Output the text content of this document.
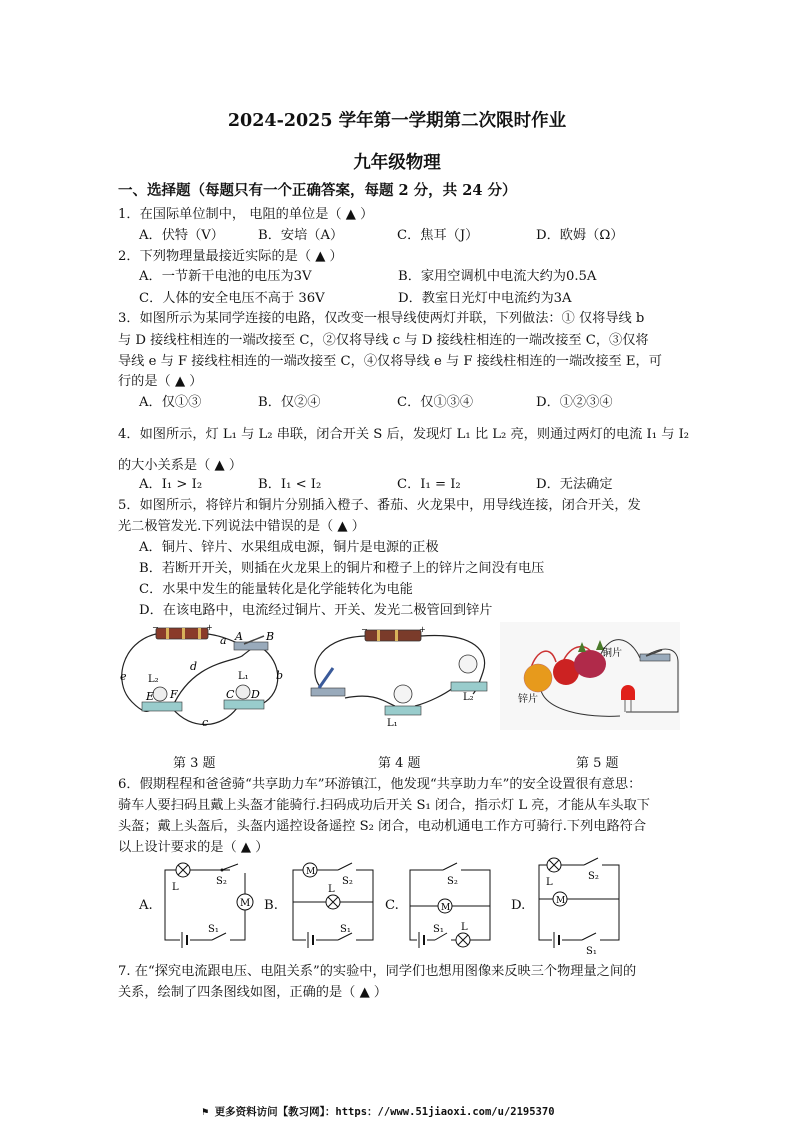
2024-2025 学年第一学期第二次限时作业
九年级物理
一、选择题（每题只有一个正确答案，每题 2 分，共 24 分）
1．在国际单位制中， 电阻的单位是（ ▲ ）
A．伏特（V）	B．安培（A）	C．焦耳（J）	D．欧姆（Ω）
2．下列物理量最接近实际的是（ ▲ ）
A．一节新干电池的电压为3V	B．家用空调机中电流大约为0.5A
C．人体的安全电压不高于 36V	D．教室日光灯中电流约为3A
3．如图所示为某同学连接的电路，仅改变一根导线使两灯并联，下列做法：① 仅将导线 b
与 D 接线柱相连的一端改接至 C，②仅将导线 c 与 D 接线柱相连的一端改接至 C，③仅将
导线 e 与 F 接线柱相连的一端改接至 C，④仅将导线 e 与 F 接线柱相连的一端改接至 E，可
行的是（ ▲ ）
A．仅①③	B．仅②④	C．仅①③④	D．①②③④
4．如图所示，灯 L₁ 与 L₂ 串联，闭合开关 S 后，发现灯 L₁ 比 L₂ 亮，则通过两灯的电流 I₁ 与 I₂
的大小关系是（ ▲ ）
A．I₁ > I₂	B．I₁ < I₂	C．I₁ = I₂	D．无法确定
5．如图所示，将锌片和铜片分别插入橙子、番茄、火龙果中，用导线连接，闭合开关，发
光二极管发光.下列说法中错误的是（ ▲ ）
A．铜片、锌片、水果组成电源，铜片是电源的正极
B．若断开开关，则插在火龙果上的铜片和橙子上的锌片之间没有电压
C．水果中发生的能量转化是化学能转化为电能
D．在该电路中，电流经过铜片、开关、发光二极管回到锌片
−	+
a A B
b
d
e
c
L₂	L₁
E F	C D
−	+
L₁
L₂
铜片
锌片
第 3 题	第 4 题	第 5 题
6．假期程程和爸爸骑“共享助力车”环游镇江，他发现“共享助力车”的安全设置很有意思：
骑车人要扫码且戴上头盔才能骑行.扫码成功后开关 S₁ 闭合，指示灯 L 亮，才能从车头取下
头盔；戴上头盔后，头盔内遥控设备遥控 S₂ 闭合，电动机通电工作方可骑行.下列电路符合
以上设计要求的是（ ▲ ）
A.	B.	C.	D.
M
L
S₂
S₁
M
L
S₂
S₁
M
S₂
S₁ L
M
L
S₂
S₁
7. 在“探究电流跟电压、电阻关系”的实验中，同学们也想用图像来反映三个物理量之间的
关系，绘制了四条图线如图，正确的是（ ▲ ）
⚑ 更多资料访问【教习网】：https：//www.51jiaoxi.com/u/2195370
